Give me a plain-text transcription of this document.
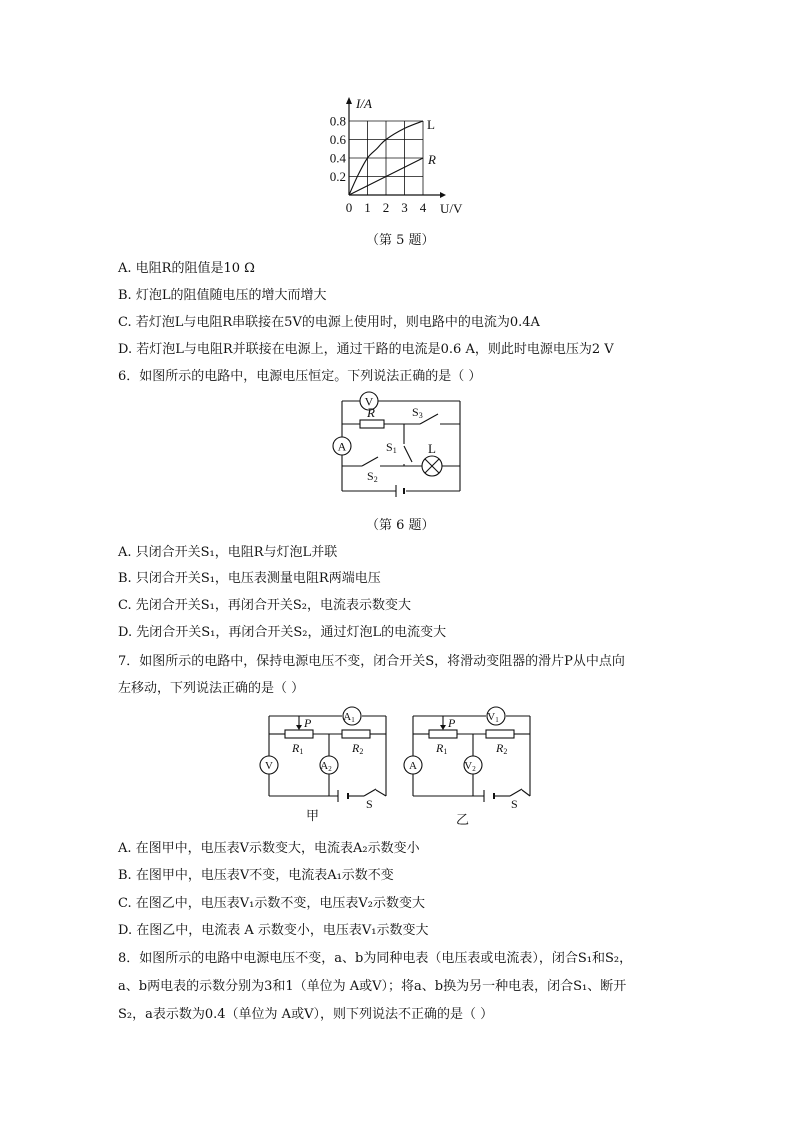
0 1 2 3 4
0.2
0.4
0.6
0.8
I/A
U/V
L
R
（第 5 题）
A. 电阻R的阻值是10 Ω
B. 灯泡L的阻值随电压的增大而增大
C. 若灯泡L与电阻R串联接在5V的电源上使用时，则电路中的电流为0.4A
D. 若灯泡L与电阻R并联接在电源上，通过干路的电流是0.6 A，则此时电源电压为2 V
6．如图所示的电路中，电源电压恒定。下列说法正确的是（ ）
V
A
R	S3
S1 L
S2
（第 6 题）
A. 只闭合开关S₁，电阻R与灯泡L并联
B. 只闭合开关S₁，电压表测量电阻R两端电压
C. 先闭合开关S₁，再闭合开关S₂，电流表示数变大
D. 先闭合开关S₁，再闭合开关S₂，通过灯泡L的电流变大
7．如图所示的电路中，保持电源电压不变，闭合开关S，将滑动变阻器的滑片P从中点向
左移动，下列说法正确的是（ ）
A1
A2
V
P
R1	R2
S
甲
V1
V2
A
P
R1	R2
S
乙
A. 在图甲中，电压表V示数变大，电流表A₂示数变小
B. 在图甲中，电压表V不变，电流表A₁示数不变
C. 在图乙中，电压表V₁示数不变，电压表V₂示数变大
D. 在图乙中，电流表 A 示数变小，电压表V₁示数变大
8．如图所示的电路中电源电压不变，a、b为同种电表（电压表或电流表），闭合S₁和S₂，
a、b两电表的示数分别为3和1（单位为 A或V）；将a、b换为另一种电表，闭合S₁、断开
S₂，a表示数为0.4（单位为 A或V），则下列说法不正确的是（ ）
